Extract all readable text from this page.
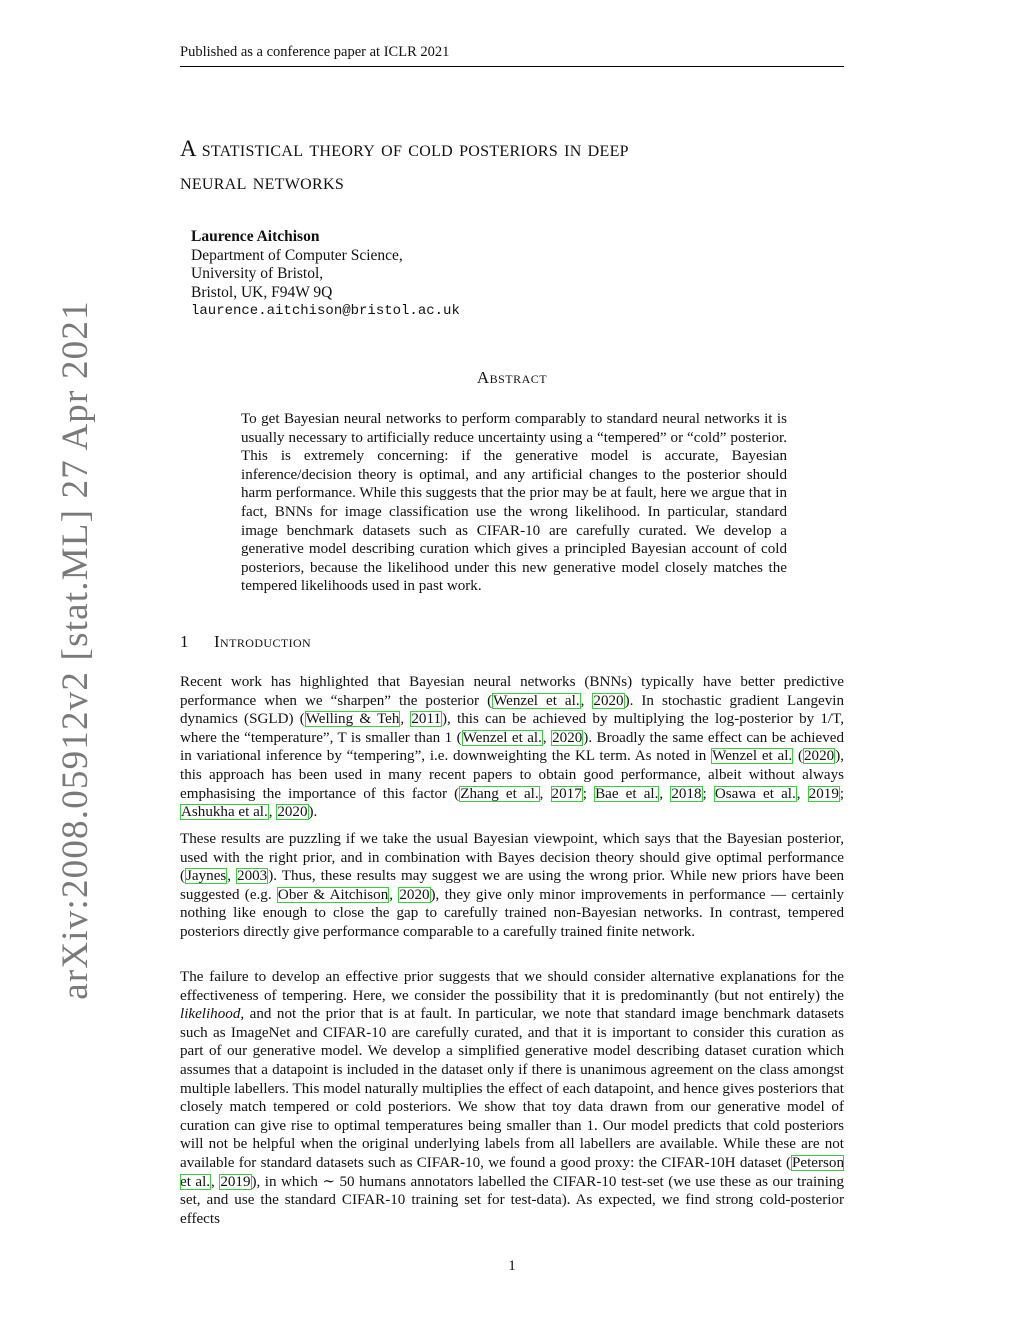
Published as a conference paper at ICLR 2021
A statistical theory of cold posteriors in deep
neural networks
Laurence Aitchison
Department of Computer Science,
University of Bristol,
Bristol, UK, F94W 9Q
laurence.aitchison@bristol.ac.uk
Abstract
To get Bayesian neural networks to perform comparably to standard neural networks it is usually necessary to artificially reduce uncertainty using a “tempered” or “cold” posterior. This is extremely concerning: if the generative model is accurate, Bayesian inference/decision theory is optimal, and any artificial changes to the posterior should harm performance. While this suggests that the prior may be at fault, here we argue that in fact, BNNs for image classification use the wrong likelihood. In particular, standard image benchmark datasets such as CIFAR-10 are carefully curated. We develop a generative model describing curation which gives a principled Bayesian account of cold posteriors, because the likelihood under this new generative model closely matches the tempered likelihoods used in past work.
1 Introduction
Recent work has highlighted that Bayesian neural networks (BNNs) typically have better predictive performance when we “sharpen” the posterior (Wenzel et al., 2020). In stochastic gradient Langevin dynamics (SGLD) (Welling & Teh, 2011), this can be achieved by multiplying the log-posterior by 1/T, where the “temperature”, T is smaller than 1 (Wenzel et al., 2020). Broadly the same effect can be achieved in variational inference by “tempering”, i.e. downweighting the KL term. As noted in Wenzel et al. (2020), this approach has been used in many recent papers to obtain good performance, albeit without always emphasising the importance of this factor (Zhang et al., 2017; Bae et al., 2018; Osawa et al., 2019; Ashukha et al., 2020).
These results are puzzling if we take the usual Bayesian viewpoint, which says that the Bayesian posterior, used with the right prior, and in combination with Bayes decision theory should give optimal performance (Jaynes, 2003). Thus, these results may suggest we are using the wrong prior. While new priors have been suggested (e.g. Ober & Aitchison, 2020), they give only minor improvements in performance — certainly nothing like enough to close the gap to carefully trained non-Bayesian networks. In contrast, tempered posteriors directly give performance comparable to a carefully trained finite network.
The failure to develop an effective prior suggests that we should consider alternative explanations for the effectiveness of tempering. Here, we consider the possibility that it is predominantly (but not entirely) the likelihood, and not the prior that is at fault. In particular, we note that standard image benchmark datasets such as ImageNet and CIFAR-10 are carefully curated, and that it is important to consider this curation as part of our generative model. We develop a simplified generative model describing dataset curation which assumes that a datapoint is included in the dataset only if there is unanimous agreement on the class amongst multiple labellers. This model naturally multiplies the effect of each datapoint, and hence gives posteriors that closely match tempered or cold posteriors. We show that toy data drawn from our generative model of curation can give rise to optimal temperatures being smaller than 1. Our model predicts that cold posteriors will not be helpful when the original underlying labels from all labellers are available. While these are not available for standard datasets such as CIFAR-10, we found a good proxy: the CIFAR-10H dataset (Peterson et al., 2019), in which ∼ 50 humans annotators labelled the CIFAR-10 test-set (we use these as our training set, and use the standard CIFAR-10 training set for test-data). As expected, we find strong cold-posterior effects
1
arXiv:2008.05912v2 [stat.ML] 27 Apr 2021
